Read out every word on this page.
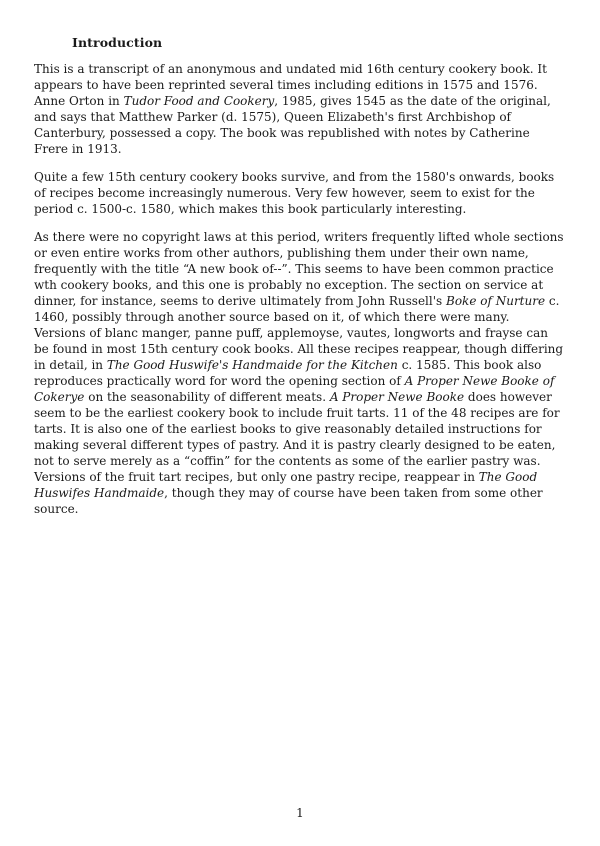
Introduction

This is a transcript of an anonymous and undated mid 16th century cookery book. It appears to have been reprinted several times including editions in 1575 and 1576. Anne Orton in Tudor Food and Cookery, 1985, gives 1545 as the date of the original, and says that Matthew Parker (d. 1575), Queen Elizabeth's first Archbishop of Canterbury, possessed a copy. The book was republished with notes by Catherine Frere in 1913.

Quite a few 15th century cookery books survive, and from the 1580's onwards, books of recipes become increasingly numerous. Very few however, seem to exist for the period c. 1500-c. 1580, which makes this book particularly interesting.

As there were no copyright laws at this period, writers frequently lifted whole sections or even entire works from other authors, publishing them under their own name, frequently with the title “A new book of--”. This seems to have been common practice wth cookery books, and this one is probably no exception. The section on service at dinner, for instance, seems to derive ultimately from John Russell's Boke of Nurture c. 1460, possibly through another source based on it, of which there were many. Versions of blanc manger, panne puff, applemoyse, vautes, longworts and frayse can be found in most 15th century cook books. All these recipes reappear, though differing in detail, in The Good Huswife's Handmaide for the Kitchen c. 1585. This book also reproduces practically word for word the opening section of A Proper Newe Booke of Cokerye on the seasonability of different meats. A Proper Newe Booke does however seem to be the earliest cookery book to include fruit tarts. 11 of the 48 recipes are for tarts. It is also one of the earliest books to give reasonably detailed instructions for making several different types of pastry. And it is pastry clearly designed to be eaten, not to serve merely as a “coffin” for the contents as some of the earlier pastry was. Versions of the fruit tart recipes, but only one pastry recipe, reappear in The Good Huswifes Handmaide, though they may of course have been taken from some other source.

1
